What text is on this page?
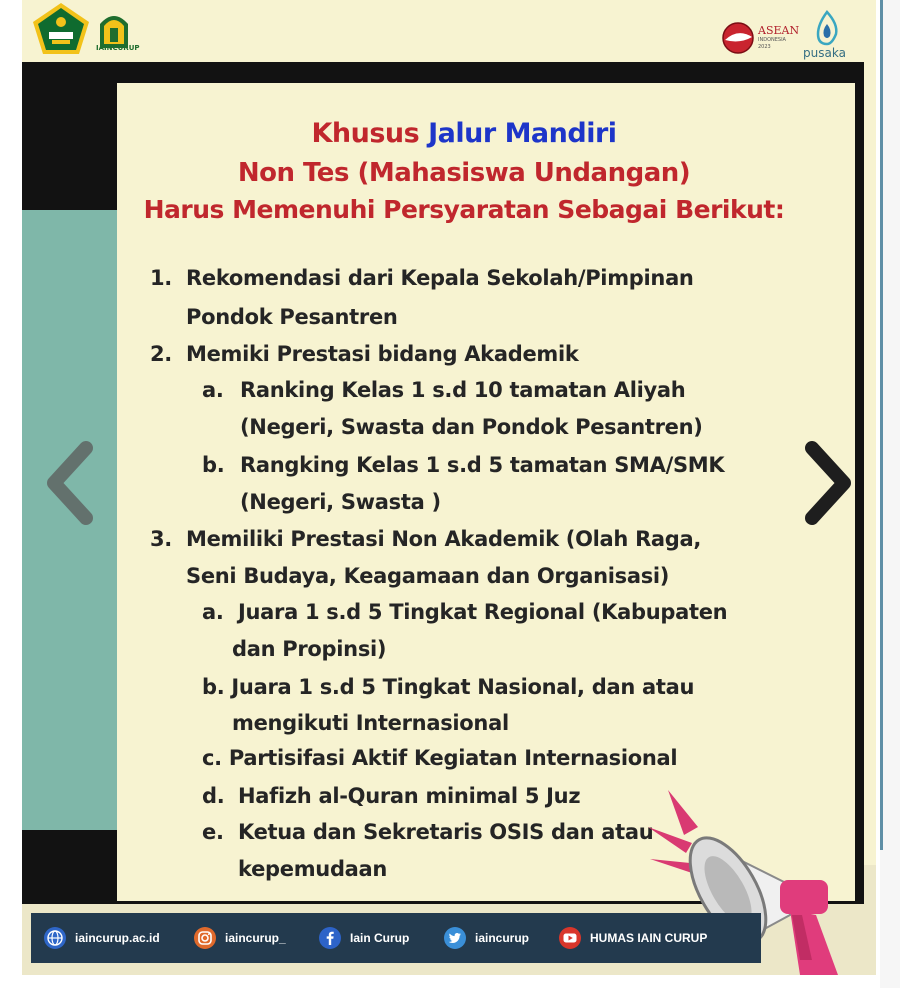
IAINCURUP
ASEAN
INDONESIA
2023	pusaka
Khusus Jalur Mandiri
Non Tes (Mahasiswa Undangan)
Harus Memenuhi Persyaratan Sebagai Berikut:
1. Rekomendasi dari Kepala Sekolah/Pimpinan
Pondok Pesantren
2. Memiki Prestasi bidang Akademik
a. Ranking Kelas 1 s.d 10 tamatan Aliyah
(Negeri, Swasta dan Pondok Pesantren)
b. Rangking Kelas 1 s.d 5 tamatan SMA/SMK
(Negeri, Swasta )
3. Memiliki Prestasi Non Akademik (Olah Raga,
Seni Budaya, Keagamaan dan Organisasi)
a. Juara 1 s.d 5 Tingkat Regional (Kabupaten
dan Propinsi)
b. Juara 1 s.d 5 Tingkat Nasional, dan atau
mengikuti Internasional
c. Partisifasi Aktif Kegiatan Internasional
d. Hafizh al-Quran minimal 5 Juz
e. Ketua dan Sekretaris OSIS dan atau
kepemudaan
iaincurup.ac.id	iaincurup_	Iain Curup	iaincurup	HUMAS IAIN CURUP
